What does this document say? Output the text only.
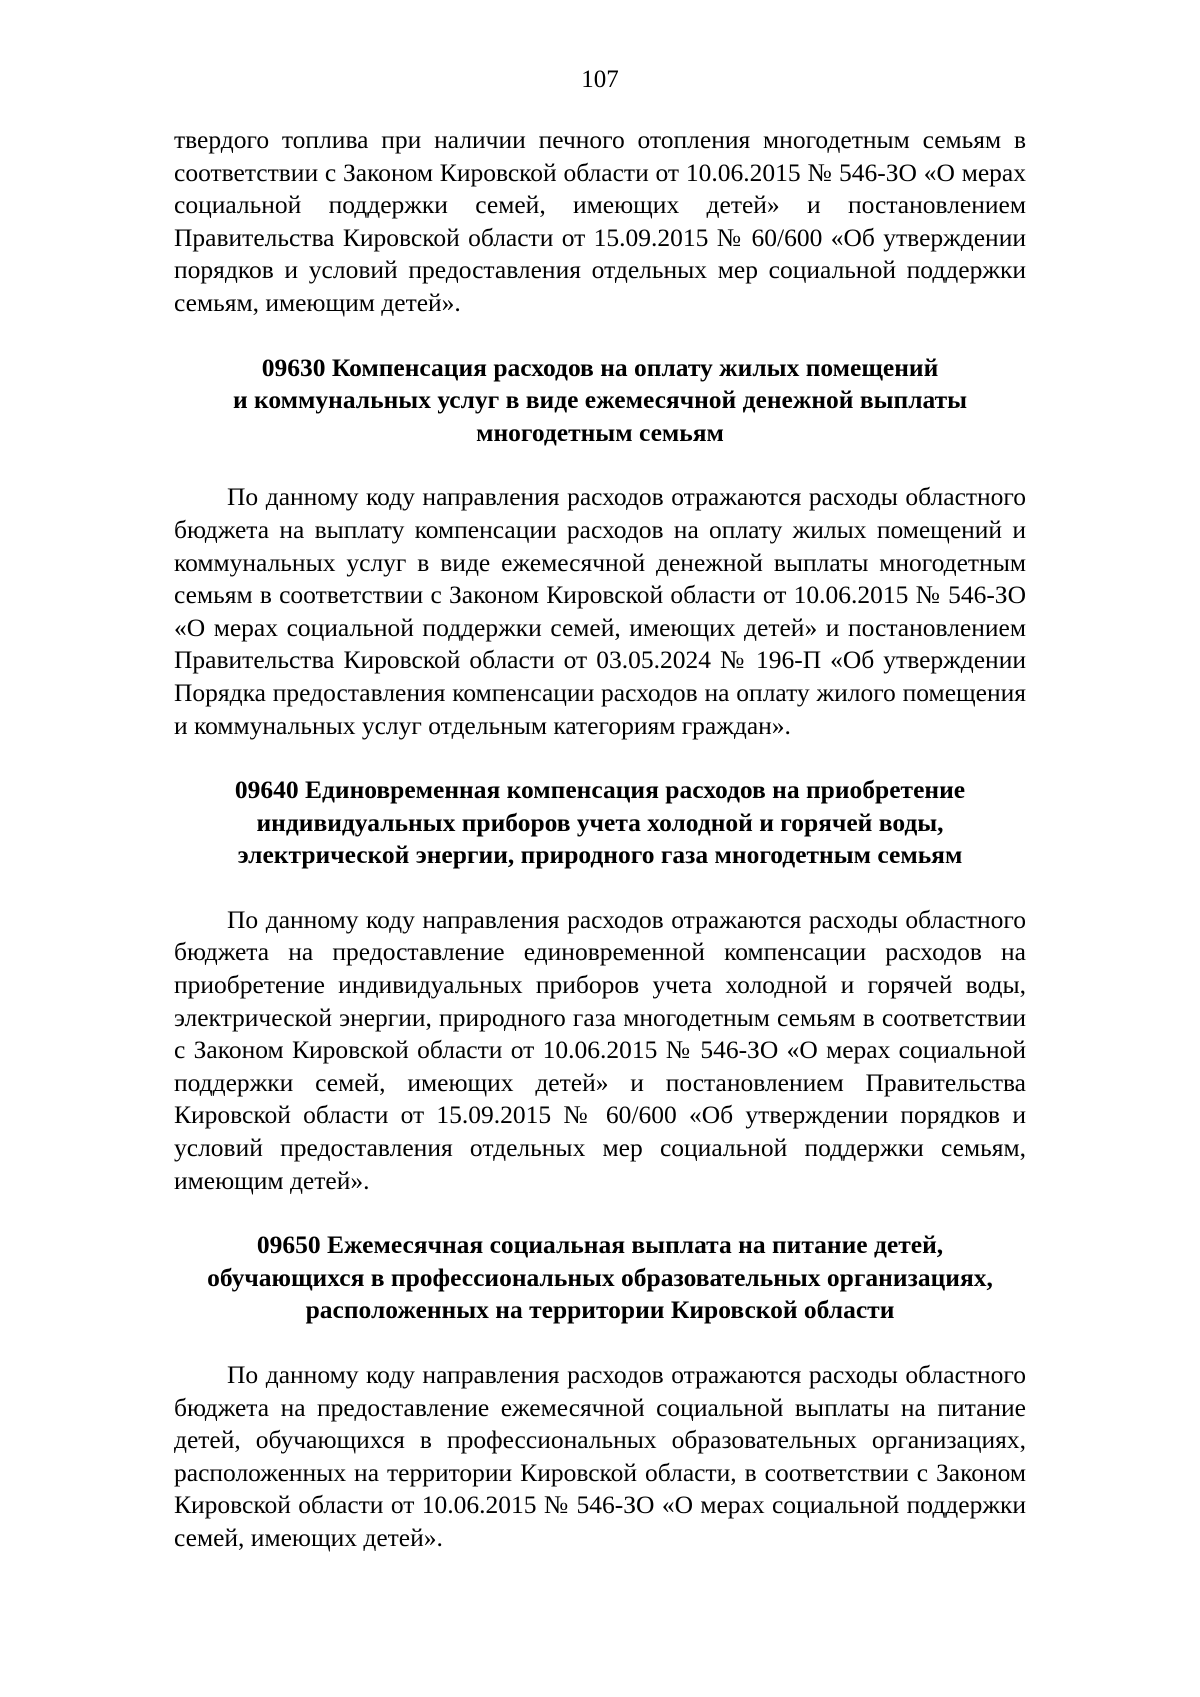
107

твердого топлива при наличии печного отопления многодетным семьям в соответствии с Законом Кировской области от 10.06.2015 № 546-ЗО «О мерах социальной поддержки семей, имеющих детей» и постановлением Правительства Кировской области от 15.09.2015 № 60/600 «Об утверждении порядков и условий предоставления отдельных мер социальной поддержки семьям, имеющим детей».

09630 Компенсация расходов на оплату жилых помещений
и коммунальных услуг в виде ежемесячной денежной выплаты
многодетным семьям

По данному коду направления расходов отражаются расходы областного бюджета на выплату компенсации расходов на оплату жилых помещений и коммунальных услуг в виде ежемесячной денежной выплаты многодетным семьям в соответствии с Законом Кировской области от 10.06.2015 № 546-ЗО «О мерах социальной поддержки семей, имеющих детей» и постановлением Правительства Кировской области от 03.05.2024 № 196-П «Об утверждении Порядка предоставления компенсации расходов на оплату жилого помещения и коммунальных услуг отдельным категориям граждан».

09640 Единовременная компенсация расходов на приобретение
индивидуальных приборов учета холодной и горячей воды,
электрической энергии, природного газа многодетным семьям

По данному коду направления расходов отражаются расходы областного бюджета на предоставление единовременной компенсации расходов на приобретение индивидуальных приборов учета холодной и горячей воды, электрической энергии, природного газа многодетным семьям в соответствии с Законом Кировской области от 10.06.2015 № 546-ЗО «О мерах социальной поддержки семей, имеющих детей» и постановлением Правительства Кировской области от 15.09.2015 № 60/600 «Об утверждении порядков и условий предоставления отдельных мер социальной поддержки семьям, имеющим детей».

09650 Ежемесячная социальная выплата на питание детей,
обучающихся в профессиональных образовательных организациях,
расположенных на территории Кировской области

По данному коду направления расходов отражаются расходы областного бюджета на предоставление ежемесячной социальной выплаты на питание детей, обучающихся в профессиональных образовательных организациях, расположенных на территории Кировской области, в соответствии с Законом Кировской области от 10.06.2015 № 546-ЗО «О мерах социальной поддержки семей, имеющих детей».
